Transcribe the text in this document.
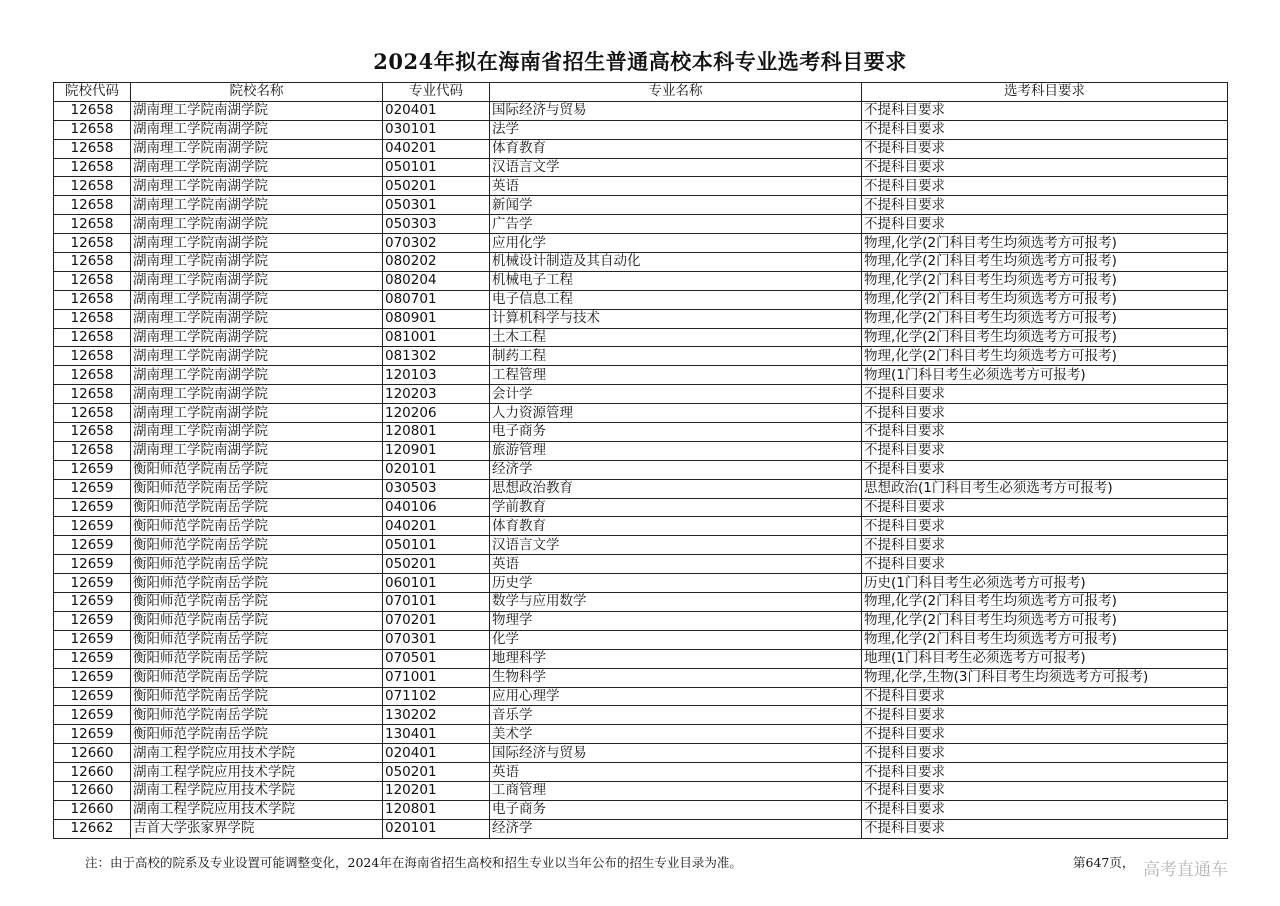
2024年拟在海南省招生普通高校本科专业选考科目要求
院校代码	院校名称	专业代码	专业名称	选考科目要求
12658	湖南理工学院南湖学院	020401	国际经济与贸易	不提科目要求
12658	湖南理工学院南湖学院	030101	法学	不提科目要求
12658	湖南理工学院南湖学院	040201	体育教育	不提科目要求
12658	湖南理工学院南湖学院	050101	汉语言文学	不提科目要求
12658	湖南理工学院南湖学院	050201	英语	不提科目要求
12658	湖南理工学院南湖学院	050301	新闻学	不提科目要求
12658	湖南理工学院南湖学院	050303	广告学	不提科目要求
12658	湖南理工学院南湖学院	070302	应用化学	物理,化学(2门科目考生均须选考方可报考)
12658	湖南理工学院南湖学院	080202	机械设计制造及其自动化	物理,化学(2门科目考生均须选考方可报考)
12658	湖南理工学院南湖学院	080204	机械电子工程	物理,化学(2门科目考生均须选考方可报考)
12658	湖南理工学院南湖学院	080701	电子信息工程	物理,化学(2门科目考生均须选考方可报考)
12658	湖南理工学院南湖学院	080901	计算机科学与技术	物理,化学(2门科目考生均须选考方可报考)
12658	湖南理工学院南湖学院	081001	土木工程	物理,化学(2门科目考生均须选考方可报考)
12658	湖南理工学院南湖学院	081302	制药工程	物理,化学(2门科目考生均须选考方可报考)
12658	湖南理工学院南湖学院	120103	工程管理	物理(1门科目考生必须选考方可报考)
12658	湖南理工学院南湖学院	120203	会计学	不提科目要求
12658	湖南理工学院南湖学院	120206	人力资源管理	不提科目要求
12658	湖南理工学院南湖学院	120801	电子商务	不提科目要求
12658	湖南理工学院南湖学院	120901	旅游管理	不提科目要求
12659	衡阳师范学院南岳学院	020101	经济学	不提科目要求
12659	衡阳师范学院南岳学院	030503	思想政治教育	思想政治(1门科目考生必须选考方可报考)
12659	衡阳师范学院南岳学院	040106	学前教育	不提科目要求
12659	衡阳师范学院南岳学院	040201	体育教育	不提科目要求
12659	衡阳师范学院南岳学院	050101	汉语言文学	不提科目要求
12659	衡阳师范学院南岳学院	050201	英语	不提科目要求
12659	衡阳师范学院南岳学院	060101	历史学	历史(1门科目考生必须选考方可报考)
12659	衡阳师范学院南岳学院	070101	数学与应用数学	物理,化学(2门科目考生均须选考方可报考)
12659	衡阳师范学院南岳学院	070201	物理学	物理,化学(2门科目考生均须选考方可报考)
12659	衡阳师范学院南岳学院	070301	化学	物理,化学(2门科目考生均须选考方可报考)
12659	衡阳师范学院南岳学院	070501	地理科学	地理(1门科目考生必须选考方可报考)
12659	衡阳师范学院南岳学院	071001	生物科学	物理,化学,生物(3门科目考生均须选考方可报考)
12659	衡阳师范学院南岳学院	071102	应用心理学	不提科目要求
12659	衡阳师范学院南岳学院	130202	音乐学	不提科目要求
12659	衡阳师范学院南岳学院	130401	美术学	不提科目要求
12660	湖南工程学院应用技术学院	020401	国际经济与贸易	不提科目要求
12660	湖南工程学院应用技术学院	050201	英语	不提科目要求
12660	湖南工程学院应用技术学院	120201	工商管理	不提科目要求
12660	湖南工程学院应用技术学院	120801	电子商务	不提科目要求
12662	吉首大学张家界学院	020101	经济学	不提科目要求
注：由于高校的院系及专业设置可能调整变化，2024年在海南省招生高校和招生专业以当年公布的招生专业目录为准。	第647页， 高考直通车
